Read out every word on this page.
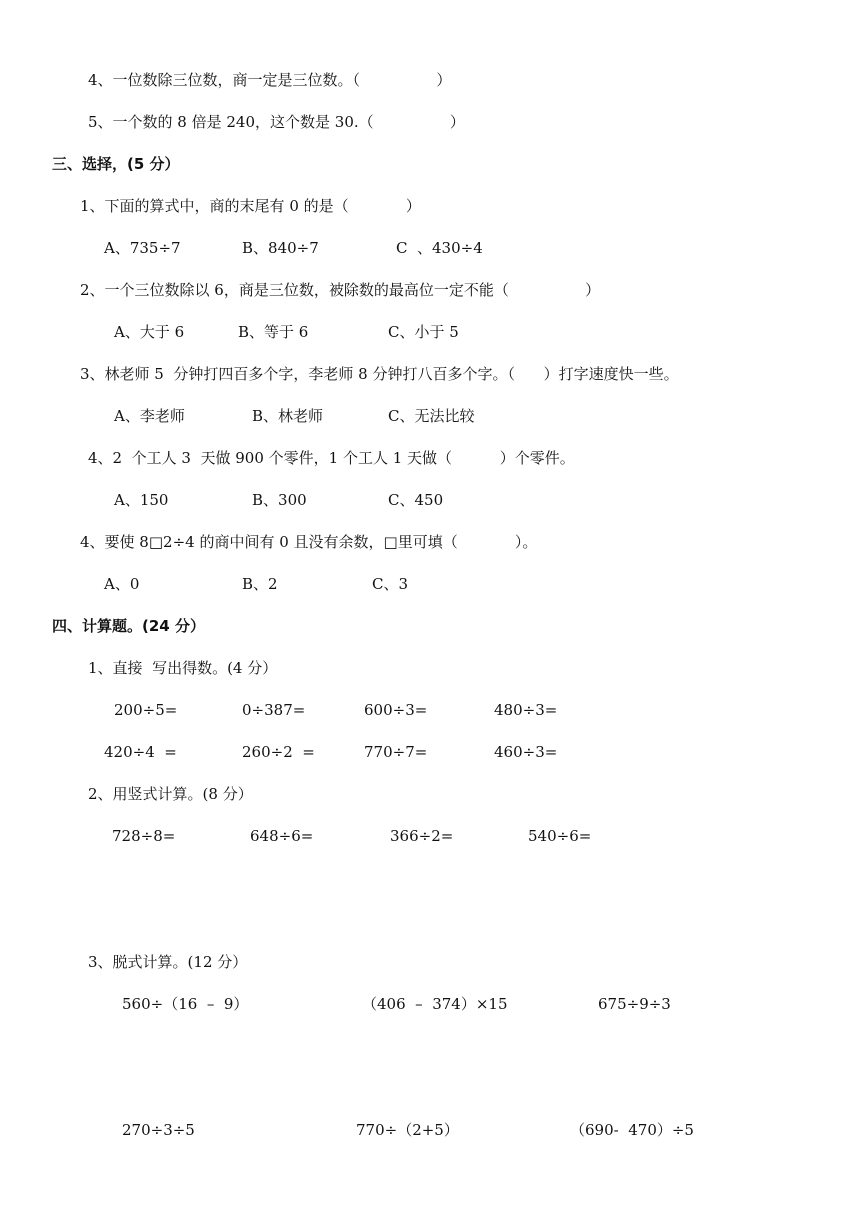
4、一位数除三位数，商一定是三位数。（                ）
5、一个数的 8 倍是 240，这个数是 30.（                ）
三、选择，(5 分）
1、下面的算式中，商的末尾有 0 的是（            ）
A、735÷7	B、840÷7	C  、430÷4
2、一个三位数除以 6，商是三位数，被除数的最高位一定不能（                ）
A、大于 6	B、等于 6	C、小于 5
3、林老师 5  分钟打四百多个字，李老师 8 分钟打八百多个字。（      ）打字速度快一些。
A、李老师	B、林老师	C、无法比较
4、2  个工人 3  天做 900 个零件，1 个工人 1 天做（          ）个零件。
A、150	B、300	C、450
4、要使 8□2÷4 的商中间有 0 且没有余数，□里可填（            ）。
A、0	B、2	C、3
四、计算题。(24 分）
1、直接  写出得数。(4 分）
200÷5=	0÷387=	600÷3=	480÷3=
420÷4  =	260÷2  =	770÷7=	460÷3=
2、用竖式计算。(8 分）
728÷8=	648÷6=	366÷2=	540÷6=
3、脱式计算。(12 分）
560÷（16  –  9）	（406  –  374）×15	675÷9÷3
270÷3÷5	770÷（2+5）	（690-  470）÷5
